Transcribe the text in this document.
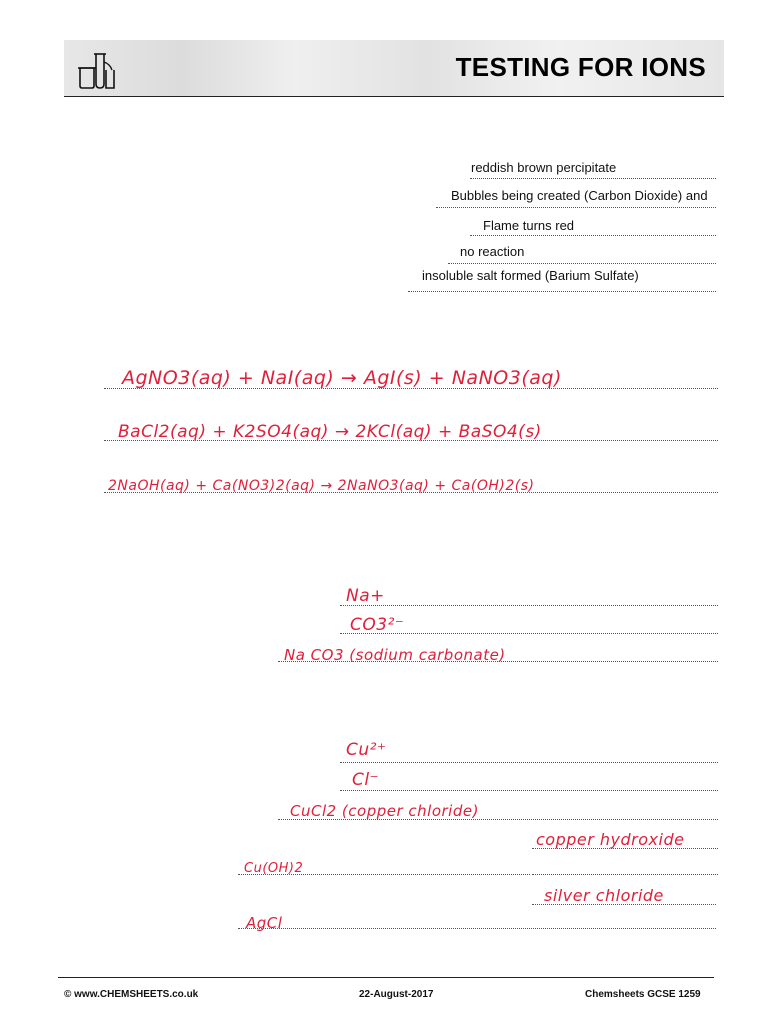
TESTING FOR IONS
reddish brown percipitate
Bubbles being created (Carbon Dioxide) and
Flame turns red
no reaction
insoluble salt formed (Barium Sulfate)
AgNO3(aq) + NaI(aq) → AgI(s) + NaNO3(aq)
BaCl2(aq) + K2SO4(aq) → 2KCl(aq) + BaSO4(s)
2NaOH(aq) + Ca(NO3)2(aq) → 2NaNO3(aq) + Ca(OH)2(s)
Na+
CO3²⁻
Na CO3 (sodium carbonate)
Cu²⁺
Cl⁻
CuCl2 (copper chloride)
copper hydroxide
Cu(OH)2
silver chloride
AgCl
© www.CHEMSHEETS.co.uk	22-August-2017	Chemsheets GCSE 1259
